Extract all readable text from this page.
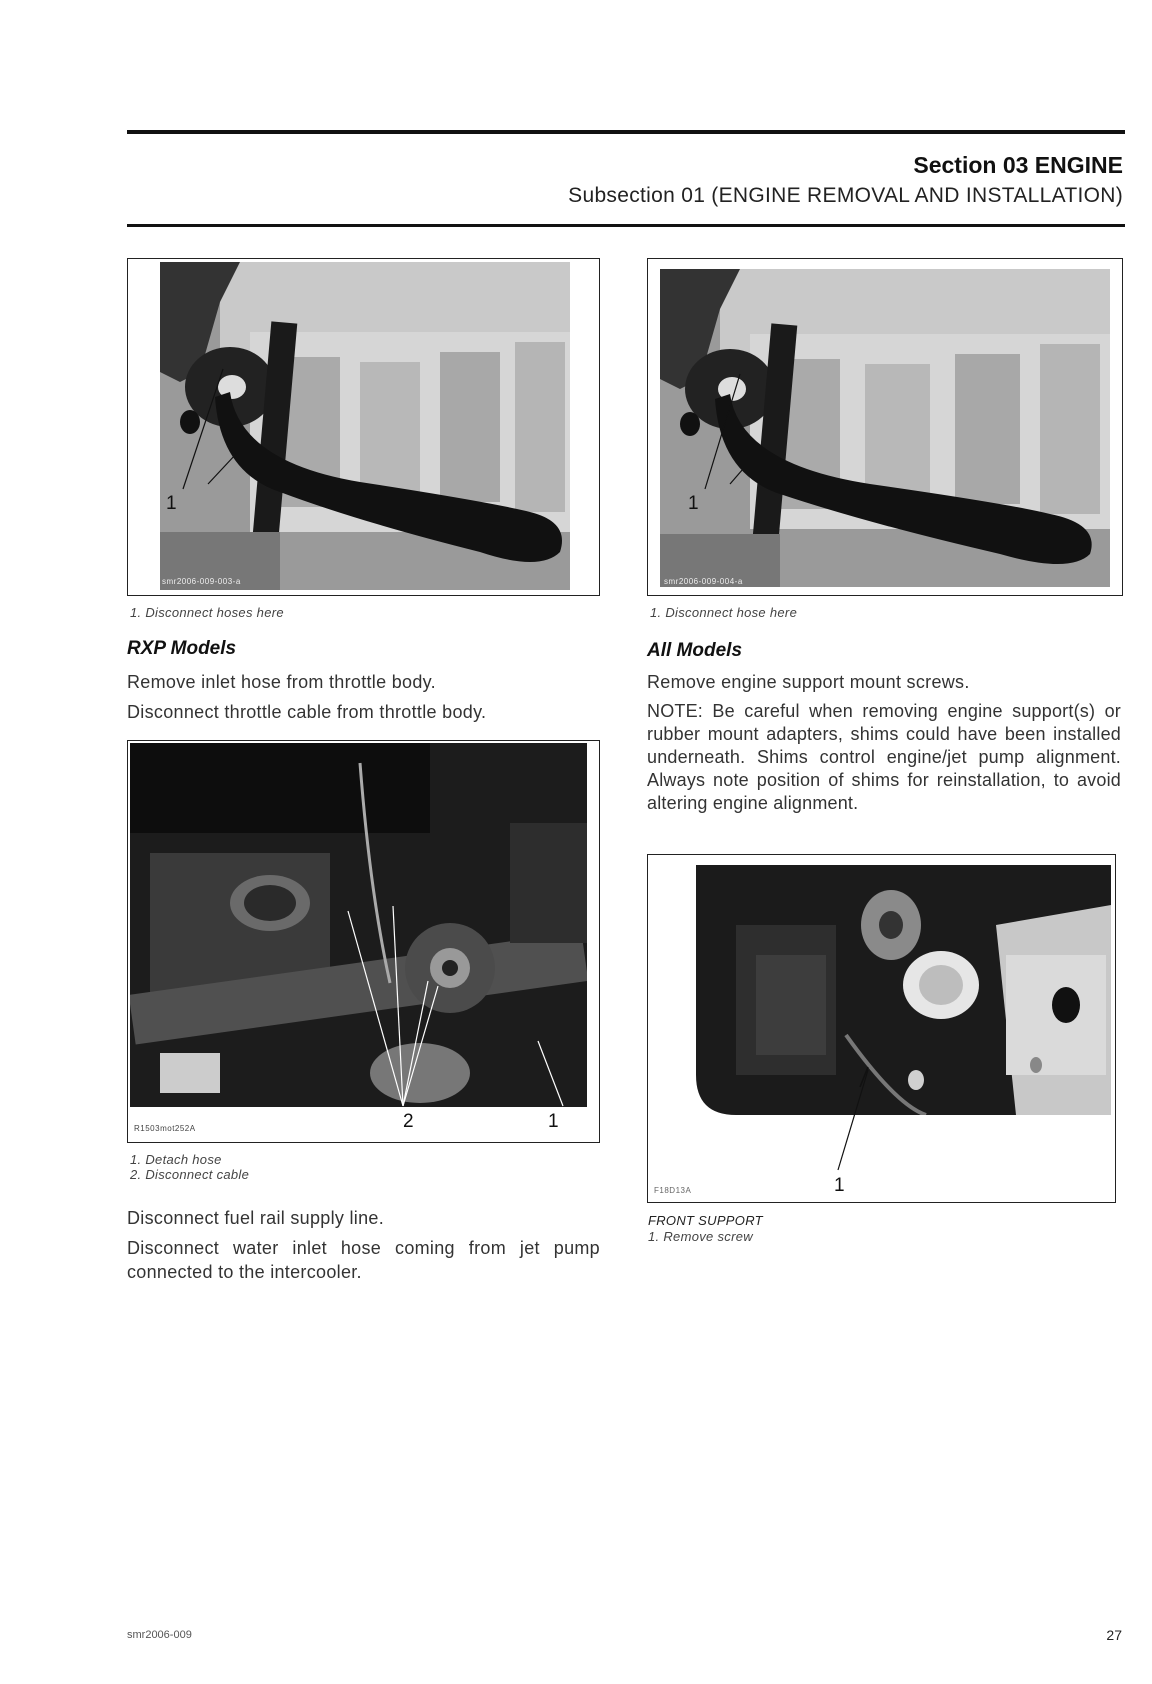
Section 03 ENGINE
Subsection 01 (ENGINE REMOVAL AND INSTALLATION)
1
smr2006-009-003-a
1. Disconnect hoses here
RXP Models
Remove inlet hose from throttle body.
Disconnect throttle cable from throttle body.
R1503mot252A	2	1
1. Detach hose
2. Disconnect cable
Disconnect fuel rail supply line.
Disconnect water inlet hose coming from jet pump connected to the intercooler.
1
smr2006-009-004-a
1. Disconnect hose here
All Models
Remove engine support mount screws.
NOTE: Be careful when removing engine support(s) or rubber mount adapters, shims could have been installed underneath. Shims control engine/jet pump alignment. Always note position of shims for reinstallation, to avoid altering engine alignment.
F18D13A	1
FRONT SUPPORT
1. Remove screw
smr2006-009	27
